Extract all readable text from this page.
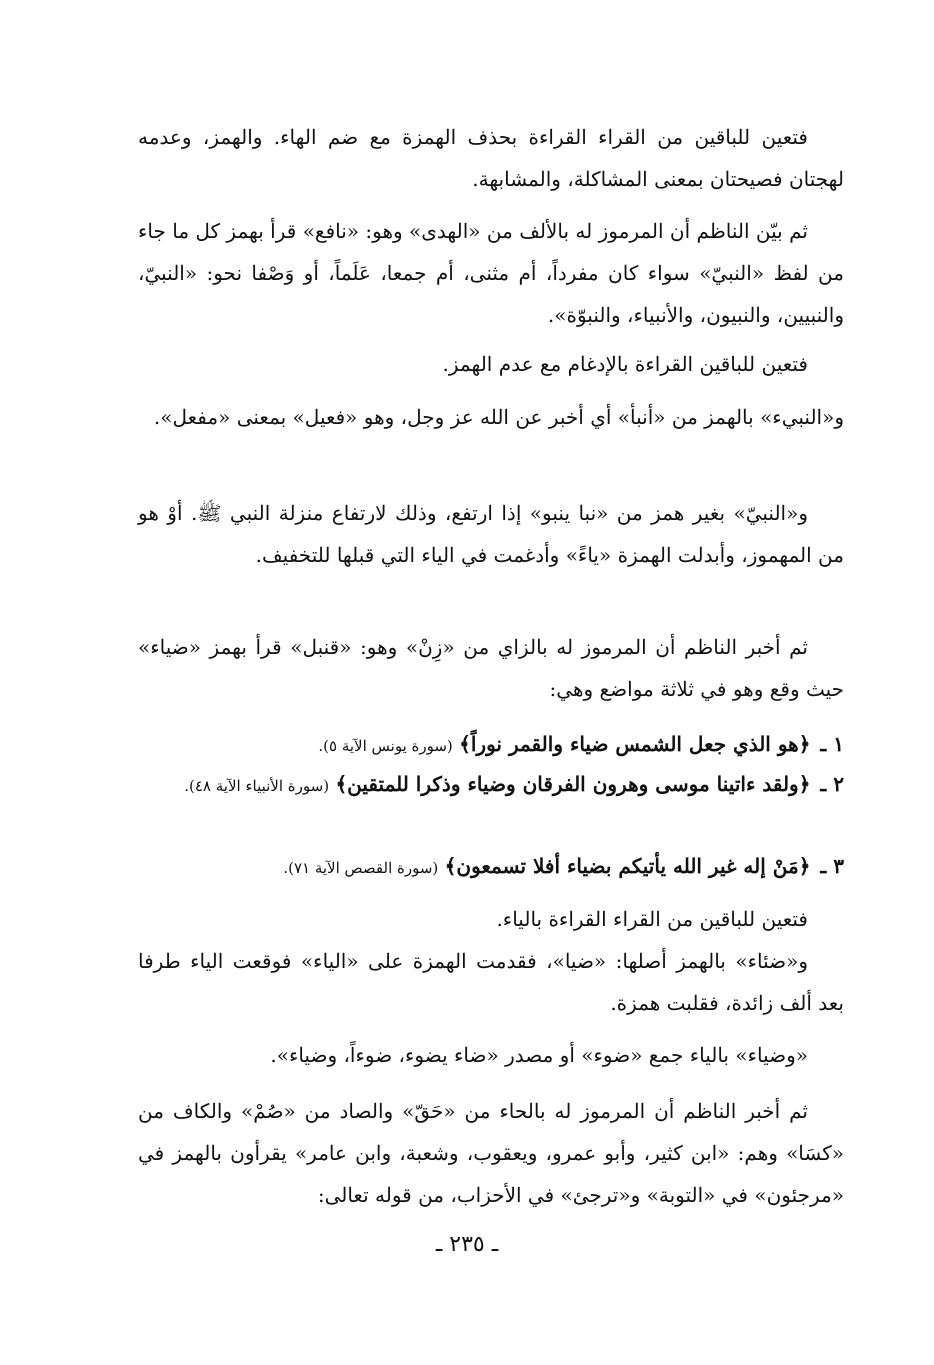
فتعين للباقين من القراء القراءة بحذف الهمزة مع ضم الهاء. والهمز، وعدمه لهجتان فصيحتان بمعنى المشاكلة، والمشابهة.
ثم بيّن الناظم أن المرموز له بالألف من «الهدى» وهو: «نافع» قرأ بهمز كل ما جاء من لفظ «النبيّ» سواء كان مفرداً، أم مثنى، أم جمعا، عَلَماً، أو وَصْفا نحو: «النبيّ، والنبيين، والنبيون، والأنبياء، والنبوّة».
فتعين للباقين القراءة بالإدغام مع عدم الهمز.
و«النبيء» بالهمز من «أنبأ» أي أخبر عن الله عز وجل، وهو «فعيل» بمعنى «مفعل».
و«النبيّ» بغير همز من «نبا ينبو» إذا ارتفع، وذلك لارتفاع منزلة النبي ﷺ. أوْ هو من المهموز، وأبدلت الهمزة «ياءً» وأدغمت في الياء التي قبلها للتخفيف.
ثم أخبر الناظم أن المرموز له بالزاي من «زِنْ» وهو: «قنبل» قرأ بهمز «ضياء» حيث وقع وهو في ثلاثة مواضع وهي:
١ ـ﴿هو الذي جعل الشمس ضياء والقمر نوراً﴾ (سورة يونس الآية ٥).
٢ ـ﴿ولقد ءاتينا موسى وهرون الفرقان وضياء وذكرا للمتقين﴾ (سورة الأنبياء الآية ٤٨).
٣ ـ﴿مَنْ إله غير الله يأتيكم بضياء أفلا تسمعون﴾ (سورة القصص الآية ٧١).
فتعين للباقين من القراء القراءة بالياء.
و«ضئاء» بالهمز أصلها: «ضيا»، فقدمت الهمزة على «الياء» فوقعت الياء طرفا بعد ألف زائدة، فقلبت همزة.
«وضياء» بالياء جمع «ضوء» أو مصدر «ضاء يضوء، ضوءاً، وضياء».
ثم أخبر الناظم أن المرموز له بالحاء من «حَقّ» والصاد من «صُمْ» والكاف من «كسَا» وهم: «ابن كثير، وأبو عمرو، ويعقوب، وشعبة، وابن عامر» يقرأون بالهمز في «مرجئون» في «التوبة» و«ترجئ» في الأحزاب، من قوله تعالى:
ـ ٢٣٥ ـ
